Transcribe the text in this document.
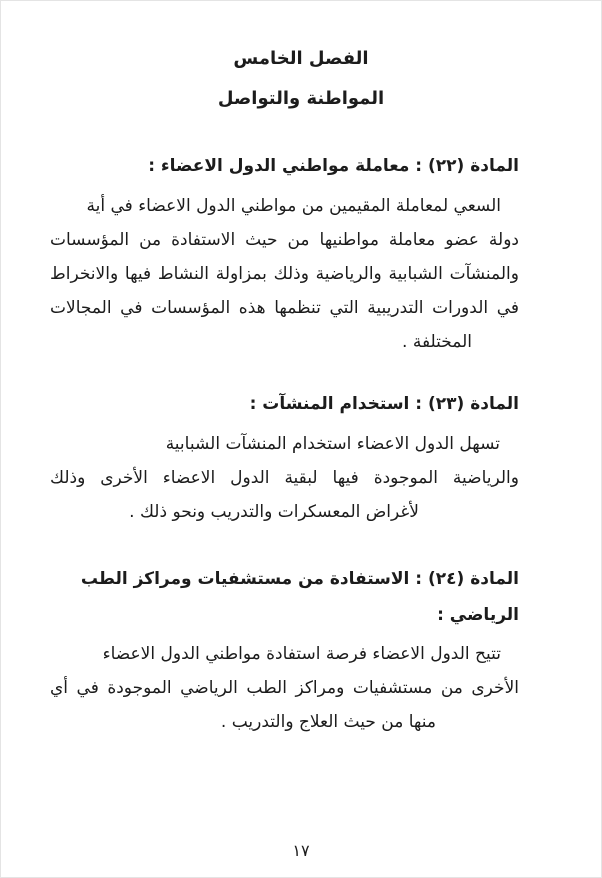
الفصل الخامس
المواطنة والتواصل
المادة (٢٢) : معاملة مواطني الدول الاعضاء :
السعي لمعاملة المقيمين من مواطني الدول الاعضاء في أية
دولة عضو معاملة مواطنيها من حيث الاستفادة من المؤسسات
والمنشآت الشبابية والرياضية وذلك بمزاولة النشاط فيها والانخراط
في الدورات التدريبية التي تنظمها هذه المؤسسات في المجالات
المختلفة .
المادة (٢٣) : استخدام المنشآت :
تسهل الدول الاعضاء استخدام المنشآت الشبابية
والرياضية الموجودة فيها لبقية الدول الاعضاء الأخرى وذلك
لأغراض المعسكرات والتدريب ونحو ذلك .
المادة (٢٤) : الاستفادة من مستشفيات ومراكز الطب
الرياضي :
تتيح الدول الاعضاء فرصة استفادة مواطني الدول الاعضاء
الأخرى من مستشفيات ومراكز الطب الرياضي الموجودة في أي
منها من حيث العلاج والتدريب .
١٧
